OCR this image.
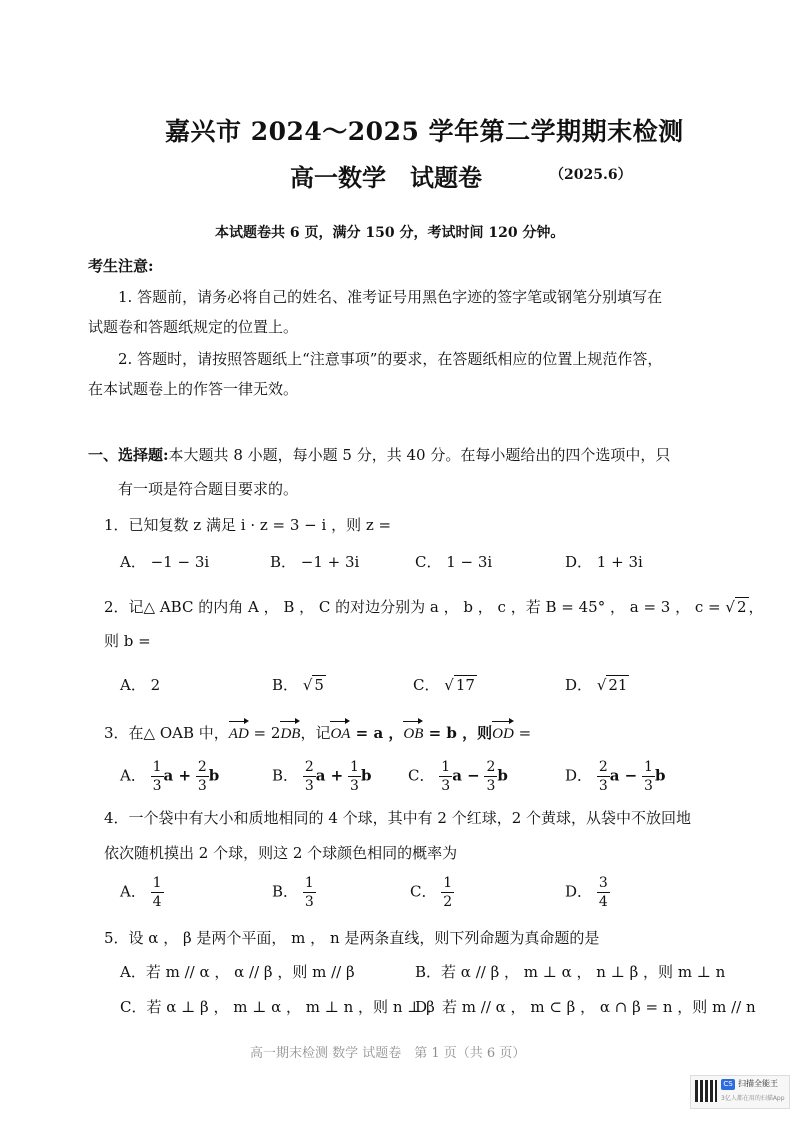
嘉兴市 2024～2025 学年第二学期期末检测
高一数学　试题卷	（2025.6）
本试题卷共 6 页，满分 150 分，考试时间 120 分钟。
考生注意:
1. 答题前，请务必将自己的姓名、准考证号用黑色字迹的签字笔或钢笔分别填写在
试题卷和答题纸规定的位置上。
2. 答题时，请按照答题纸上“注意事项”的要求，在答题纸相应的位置上规范作答，
在本试题卷上的作答一律无效。
一、选择题:本大题共 8 小题，每小题 5 分，共 40 分。在每小题给出的四个选项中，只
有一项是符合题目要求的。
1．已知复数 z 满足 i · z = 3 − i ，则 z =
A． −1 − 3i	B． −1 + 3i	C． 1 − 3i	D． 1 + 3i
2．记△ ABC 的内角 A ， B ， C 的对边分别为 a ， b ， c ，若 B = 45° ， a = 3 ， c = √ 2 ，
则 b =
A． 2	B． √ 5	C． √ 17	D． √ 21
3．在△ OAB 中，AD = 2DB，记OA = a ，OB = b ，则OD =
A． $\frac{1}{3}$ $a + \frac{2}{3}$ b	B． $\frac{2}{3}$ $a + \frac{1}{3}$ b C． $\frac{1}{3}$ $a - \frac{2}{3}$ b	D． $\frac{2}{3}$ $a - \frac{1}{3}$ b
4．一个袋中有大小和质地相同的 4 个球，其中有 2 个红球，2 个黄球，从袋中不放回地
依次随机摸出 2 个球，则这 2 个球颜色相同的概率为
A． $\frac{1}{4}$	B． $\frac{1}{3}$	C． $\frac{1}{2}$	D． $\frac{3}{4}$
5．设 α ， β 是两个平面， m ， n 是两条直线，则下列命题为真命题的是
A．若 m // α ， α // β ，则 m // β	B．若 α // β ， m ⊥ α ， n ⊥ β ，则 m ⊥ n
C．若 α ⊥ β ， m ⊥ α ， m ⊥ n ，则 n ⊥ β
D．若 m // α ， m ⊂ β ， α ∩ β = n ，则 m // n
高一期末检测 数学 试题卷　第 1 页（共 6 页）
CS 扫描全能王
3亿人都在用的扫描App
